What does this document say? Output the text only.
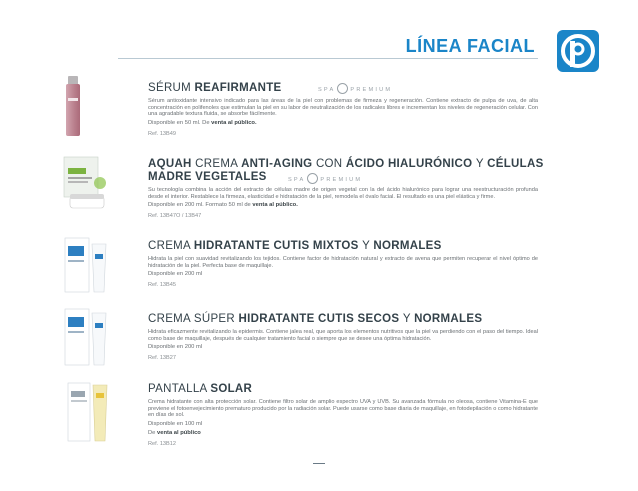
LÍNEA FACIAL
SÉRUM REAFIRMANTE
Sérum antioxidante intensivo indicado para las áreas de la piel con problemas de firmeza y regeneración. Contiene extracto de pulpa de uva, de alta concentración en polifenoles que estimulan la piel en su labor de neutralización de los radicales libres e incrementan los niveles de regeneración celular. Con una agradable textura fluida, se absorbe fácilmente.
Disponible en 50 ml. De venta al público.
Ref. 13B49
SPA	PREMIUM
AQUAH CREMA ANTI-AGING CON ÁCIDO HIALURÓNICO Y CÉLULAS
MADRE VEGETALES
Su tecnología combina la acción del extracto de células madre de origen vegetal con la del ácido hialurónico para lograr una reestructuración profunda desde el interior. Restablece la firmeza, elasticidad e hidratación de la piel, remodela el óvalo facial. El resultado es una piel elástica y firme.
Disponible en 200 ml. Formato 50 ml de venta al público.
Ref. 13B47O / 13B47
SPA	PREMIUM
CREMA HIDRATANTE CUTIS MIXTOS Y NORMALES
Hidrata la piel con suavidad revitalizando los tejidos. Contiene factor de hidratación natural y extracto de avena que permiten recuperar el nivel óptimo de hidratación de la piel. Perfecta base de maquillaje.
Disponible en 200 ml
Ref. 13B45
CREMA SÚPER HIDRATANTE CUTIS SECOS Y NORMALES
Hidrata eficazmente revitalizando la epidermis. Contiene jalea real, que aporta los elementos nutritivos que la piel va perdiendo con el paso del tiempo. Ideal como base de maquillaje, después de cualquier tratamiento facial o siempre que se desee una óptima hidratación.
Disponible en 200 ml
Ref. 13B27
PANTALLA SOLAR
Crema hidratante con alta protección solar. Contiene filtro solar de amplio espectro UVA y UVB. Su avanzada fórmula no oleosa, contiene Vitamina-E que previene el fotoenvejecimiento prematuro producido por la radiación solar. Puede usarse como base diaria de maquillaje, en fotodepilación o como hidratante en días de sol.
Disponible en 100 ml
De venta al público
Ref. 13B12
